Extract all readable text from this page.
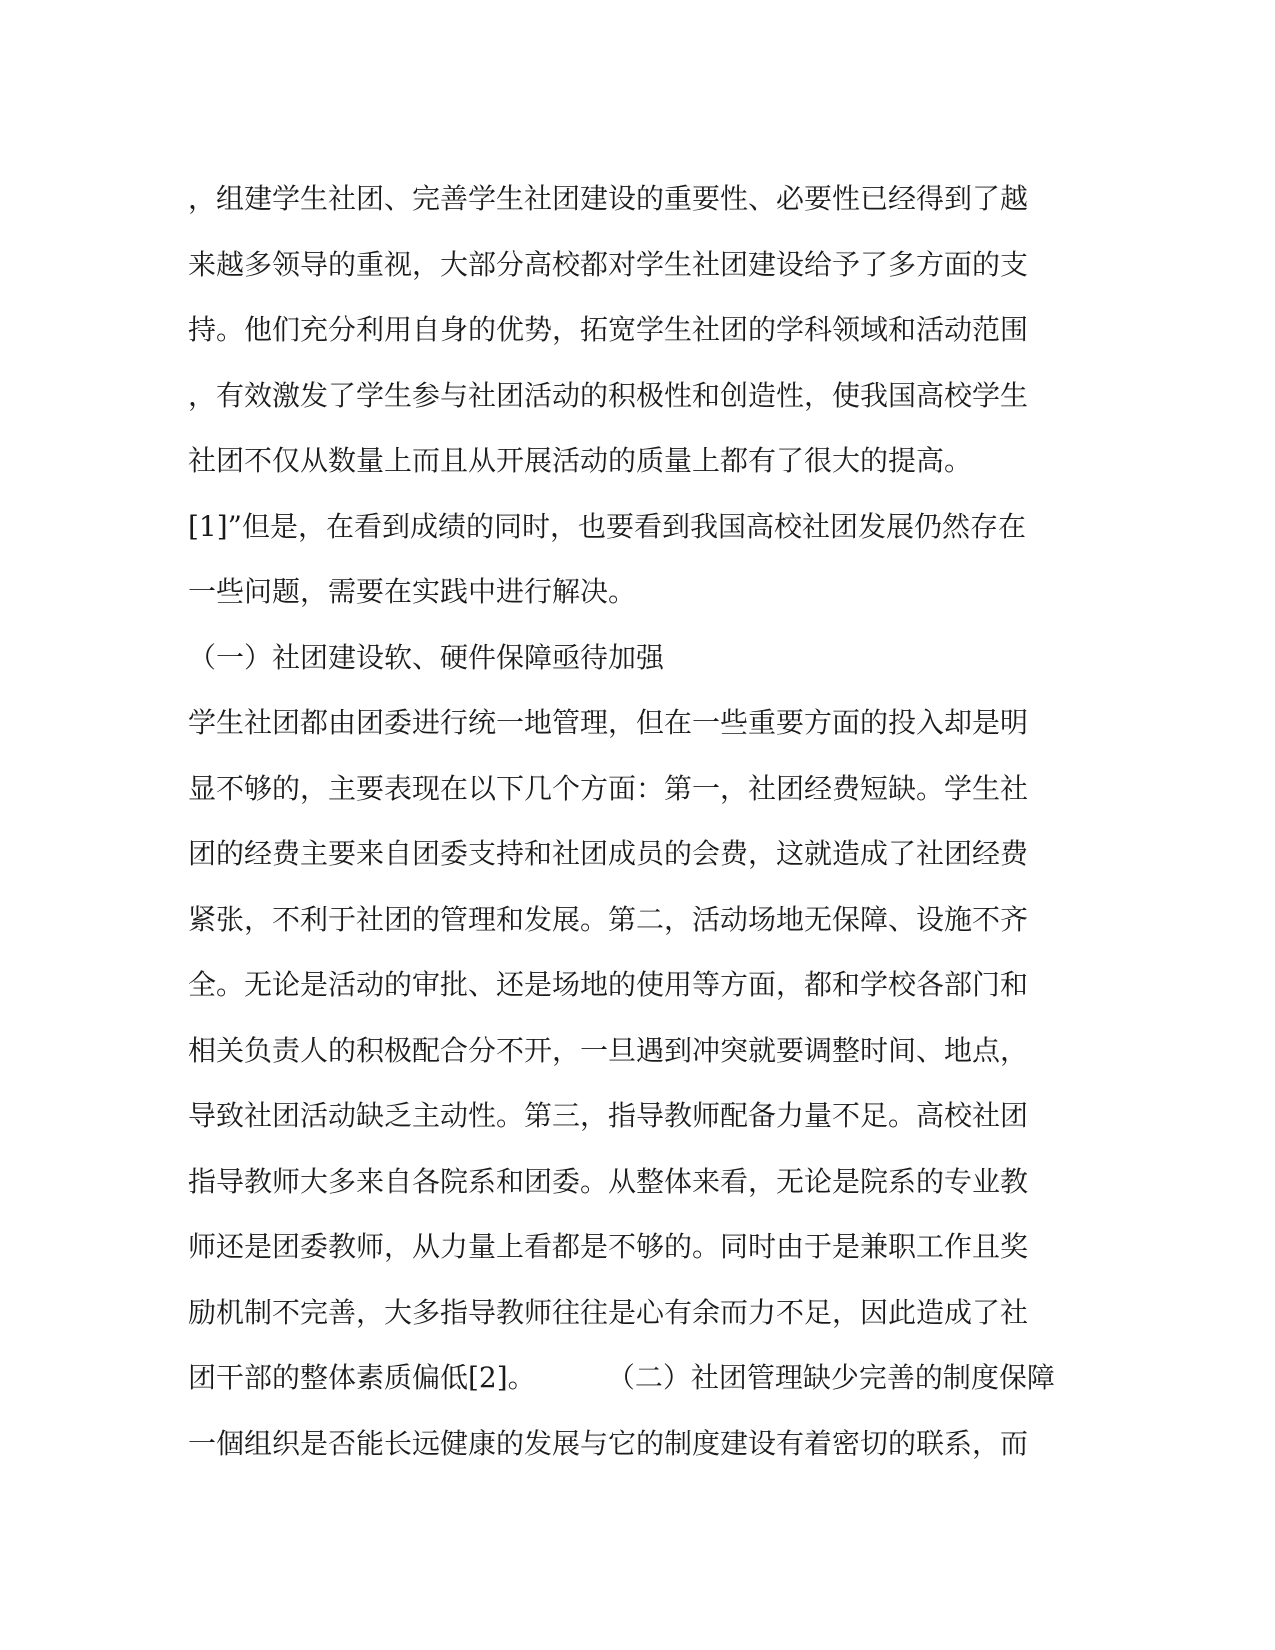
，组建学生社团、完善学生社团建设的重要性、必要性已经得到了越

来越多领导的重视，大部分高校都对学生社团建设给予了多方面的支

持。他们充分利用自身的优势，拓宽学生社团的学科领域和活动范围

，有效激发了学生参与社团活动的积极性和创造性，使我国高校学生

社团不仅从数量上而且从开展活动的质量上都有了很大的提高。

[1]”但是，在看到成绩的同时，也要看到我国高校社团发展仍然存在

一些问题，需要在实践中进行解决。

（一）社团建设软、硬件保障亟待加强

学生社团都由团委进行统一地管理，但在一些重要方面的投入却是明

显不够的，主要表现在以下几个方面：第一，社团经费短缺。学生社

团的经费主要来自团委支持和社团成员的会费，这就造成了社团经费

紧张，不利于社团的管理和发展。第二，活动场地无保障、设施不齐

全。无论是活动的审批、还是场地的使用等方面，都和学校各部门和

相关负责人的积极配合分不开，一旦遇到冲突就要调整时间、地点，

导致社团活动缺乏主动性。第三，指导教师配备力量不足。高校社团

指导教师大多来自各院系和团委。从整体来看，无论是院系的专业教

师还是团委教师，从力量上看都是不够的。同时由于是兼职工作且奖

励机制不完善，大多指导教师往往是心有余而力不足，因此造成了社

团干部的整体素质偏低[2]。        （二）社团管理缺少完善的制度保障

一個组织是否能长远健康的发展与它的制度建设有着密切的联系，而
